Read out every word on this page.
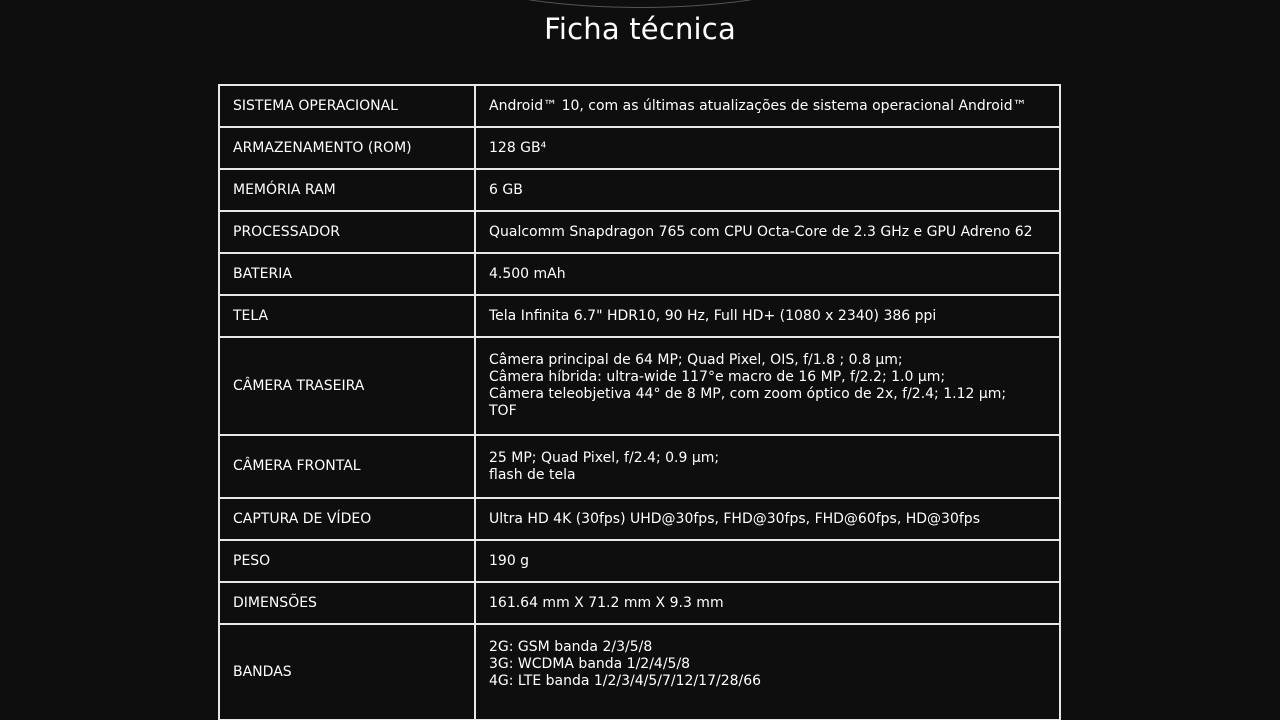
Ficha técnica
SISTEMA OPERACIONAL	Android™ 10, com as últimas atualizações de sistema operacional Android™

ARMAZENAMENTO (ROM)	128 GB⁴

MEMÓRIA RAM	6 GB

PROCESSADOR	Qualcomm Snapdragon 765 com CPU Octa-Core de 2.3 GHz e GPU Adreno 62

BATERIA	4.500 mAh

TELA	Tela Infinita 6.7" HDR10, 90 Hz, Full HD+ (1080 x 2340) 386 ppi

CÂMERA TRASEIRA	Câmera principal de 64 MP; Quad Pixel, OIS, f/1.8 ; 0.8 µm;
Câmera híbrida: ultra-wide 117°e macro de 16 MP, f/2.2; 1.0 µm;
Câmera teleobjetiva 44° de 8 MP, com zoom óptico de 2x, f/2.4; 1.12 µm;
TOF

CÂMERA FRONTAL	25 MP; Quad Pixel, f/2.4; 0.9 µm;
flash de tela

CAPTURA DE VÍDEO	Ultra HD 4K (30fps) UHD@30fps, FHD@30fps, FHD@60fps, HD@30fps

PESO	190 g

DIMENSÕES	161.64 mm X 71.2 mm X 9.3 mm

BANDAS	2G: GSM banda 2/3/5/8
3G: WCDMA banda 1/2/4/5/8
4G: LTE banda 1/2/3/4/5/7/12/17/28/66
